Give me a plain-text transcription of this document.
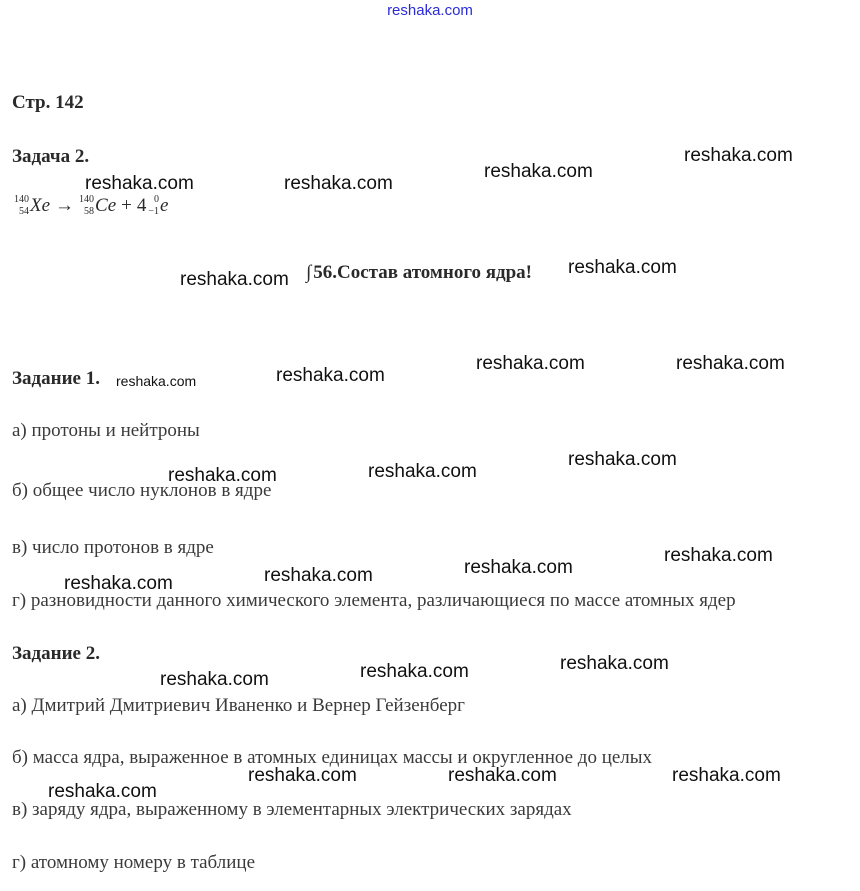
reshaka.com
Стр. 142
Задача 2.
140
54 Xe → 140
58 Ce + 4 0
−1 e
∫ 56.Состав атомного ядра!
Задание 1.
а) протоны и нейтроны
б) общее число нуклонов в ядре
в) число протонов в ядре
г) разновидности данного химического элемента, различающиеся по массе атомных ядер
Задание 2.
а) Дмитрий Дмитриевич Иваненко и Вернер Гейзенберг
б) масса ядра, выраженное в атомных единицах массы и округленное до целых
в) заряду ядра, выраженному в элементарных электрических зарядах
г) атомному номеру в таблице
reshaka.com
reshaka.com
reshaka.com	reshaka.com
reshaka.com
reshaka.com
reshaka.com	reshaka.com
reshaka.com
reshaka.com
reshaka.com
reshaka.com
reshaka.com
reshaka.com
reshaka.com
reshaka.com
reshaka.com
reshaka.com
reshaka.com
reshaka.com
reshaka.com	reshaka.com	reshaka.com
reshaka.com
